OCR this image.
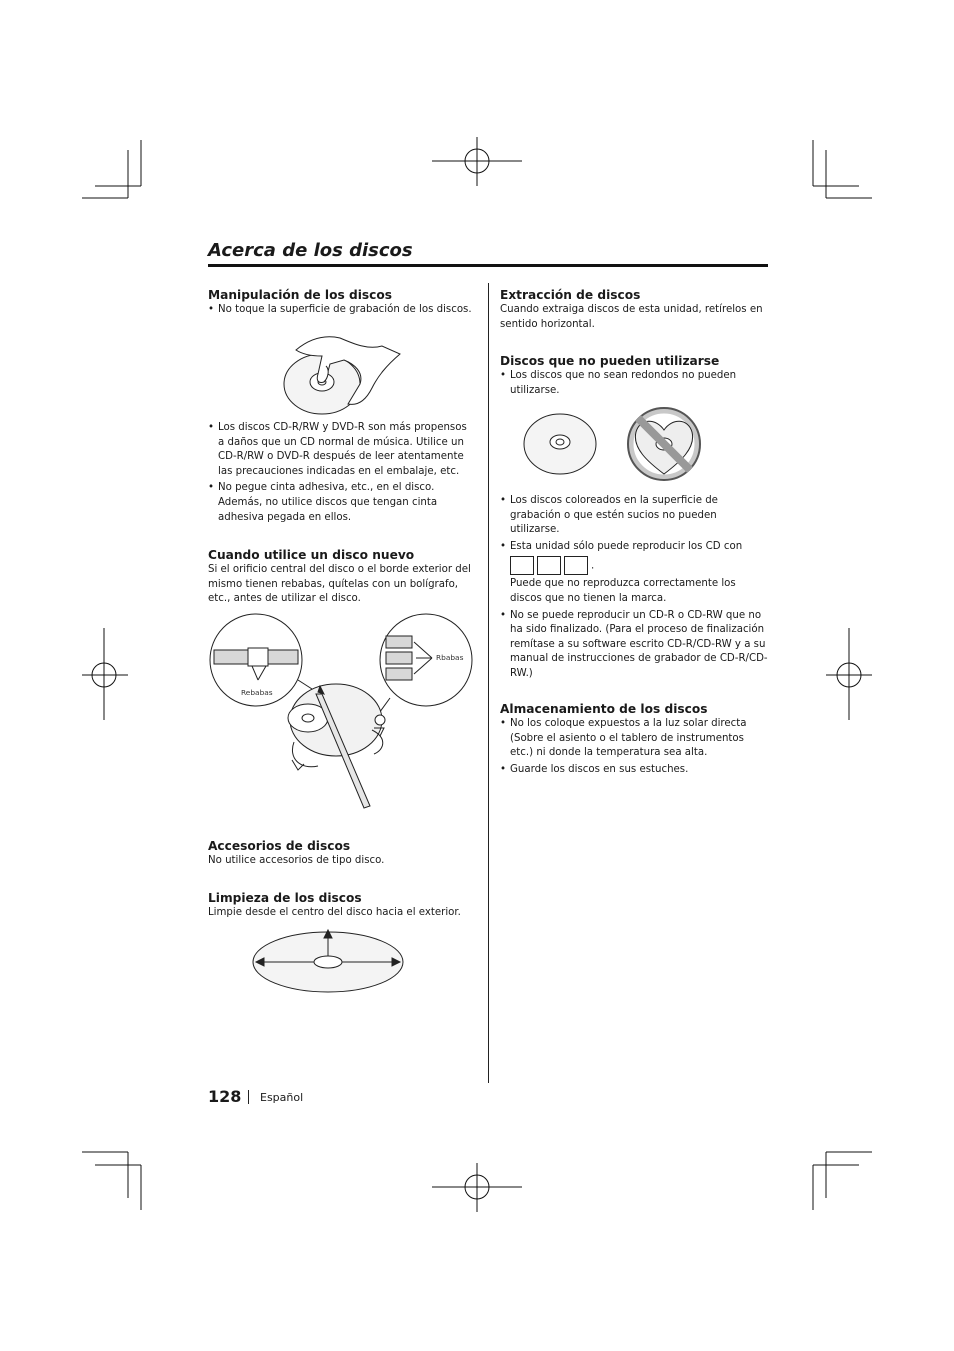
Acerca de los discos

Manipulación de los discos

• No toque la superficie de grabación de los discos.
• Los discos CD-R/RW y DVD-R son más propensos a daños que un CD normal de música. Utilice un CD-R/RW o DVD-R después de leer atentamente las precauciones indicadas en el embalaje, etc.
• No pegue cinta adhesiva, etc., en el disco. Además, no utilice discos que tengan cinta adhesiva pegada en ellos.

Cuando utilice un disco nuevo

Si el orificio central del disco o el borde exterior del mismo tienen rebabas, quítelas con un bolígrafo, etc., antes de utilizar el disco.

Rebabas
Rbabas

Accesorios de discos

No utilice accesorios de tipo disco.

Limpieza de los discos

Limpie desde el centro del disco hacia el exterior.

Extracción de discos

Cuando extraiga discos de esta unidad, retírelos en sentido horizontal.

Discos que no pueden utilizarse

• Los discos que no sean redondos no pueden utilizarse.
• Los discos coloreados en la superficie de grabación o que estén sucios no pueden utilizarse.
• Esta unidad sólo puede reproducir los CD con
.
Puede que no reproduzca correctamente los discos que no tienen la marca.
• No se puede reproducir un CD-R o CD-RW que no ha sido finalizado. (Para el proceso de finalización remítase a su software escrito CD-R/CD-RW y a su manual de instrucciones de grabador de CD-R/CD-RW.)

Almacenamiento de los discos

• No los coloque expuestos a la luz solar directa (Sobre el asiento o el tablero de instrumentos etc.) ni donde la temperatura sea alta.
• Guarde los discos en sus estuches.
128 Español
